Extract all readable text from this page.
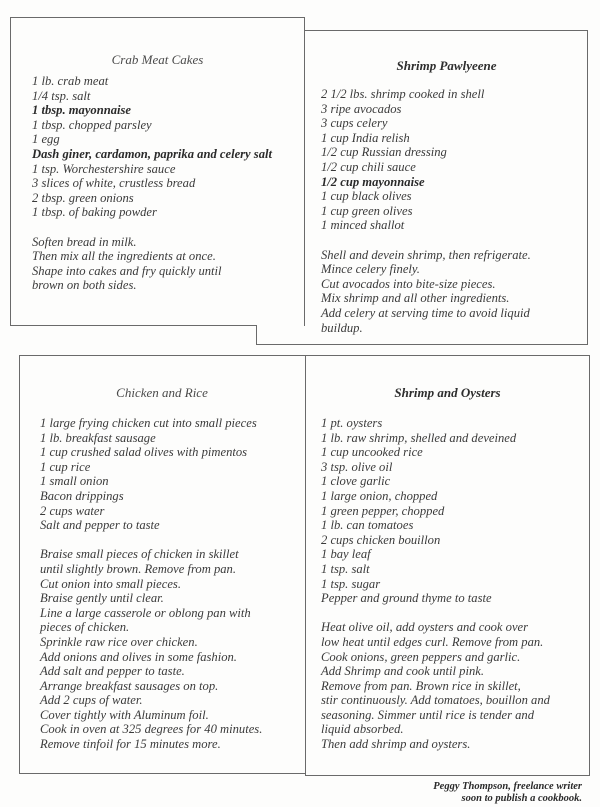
Crab Meat Cakes
1 lb. crab meat
1/4 tsp. salt
1 tbsp. mayonnaise
1 tbsp. chopped parsley
1 egg
Dash giner, cardamon, paprika and celery salt
1 tsp. Worchestershire sauce
3 slices of white, crustless bread
2 tbsp. green onions
1 tbsp. of baking powder
Soften bread in milk.
Then mix all the ingredients at once.
Shape into cakes and fry quickly until
brown on both sides.
Shrimp Pawlyeene
2 1/2 lbs. shrimp cooked in shell
3 ripe avocados
3 cups celery
1 cup India relish
1/2 cup Russian dressing
1/2 cup chili sauce
1/2 cup mayonnaise
1 cup black olives
1 cup green olives
1 minced shallot
Shell and devein shrimp, then refrigerate.
Mince celery finely.
Cut avocados into bite-size pieces.
Mix shrimp and all other ingredients.
Add celery at serving time to avoid liquid
buildup.
Chicken and Rice
1 large frying chicken cut into small pieces
1 lb. breakfast sausage
1 cup crushed salad olives with pimentos
1 cup rice
1 small onion
Bacon drippings
2 cups water
Salt and pepper to taste
Braise small pieces of chicken in skillet
until slightly brown. Remove from pan.
Cut onion into small pieces.
Braise gently until clear.
Line a large casserole or oblong pan with
pieces of chicken.
Sprinkle raw rice over chicken.
Add onions and olives in some fashion.
Add salt and pepper to taste.
Arrange breakfast sausages on top.
Add 2 cups of water.
Cover tightly with Aluminum foil.
Cook in oven at 325 degrees for 40 minutes.
Remove tinfoil for 15 minutes more.
Shrimp and Oysters
1 pt. oysters
1 lb. raw shrimp, shelled and deveined
1 cup uncooked rice
3 tsp. olive oil
1 clove garlic
1 large onion, chopped
1 green pepper, chopped
1 lb. can tomatoes
2 cups chicken bouillon
1 bay leaf
1 tsp. salt
1 tsp. sugar
Pepper and ground thyme to taste
Heat olive oil, add oysters and cook over
low heat until edges curl. Remove from pan.
Cook onions, green peppers and garlic.
Add Shrimp and cook until pink.
Remove from pan. Brown rice in skillet,
stir continuously. Add tomatoes, bouillon and
seasoning. Simmer until rice is tender and
liquid absorbed.
Then add shrimp and oysters.
Peggy Thompson, freelance writer
soon to publish a cookbook.
